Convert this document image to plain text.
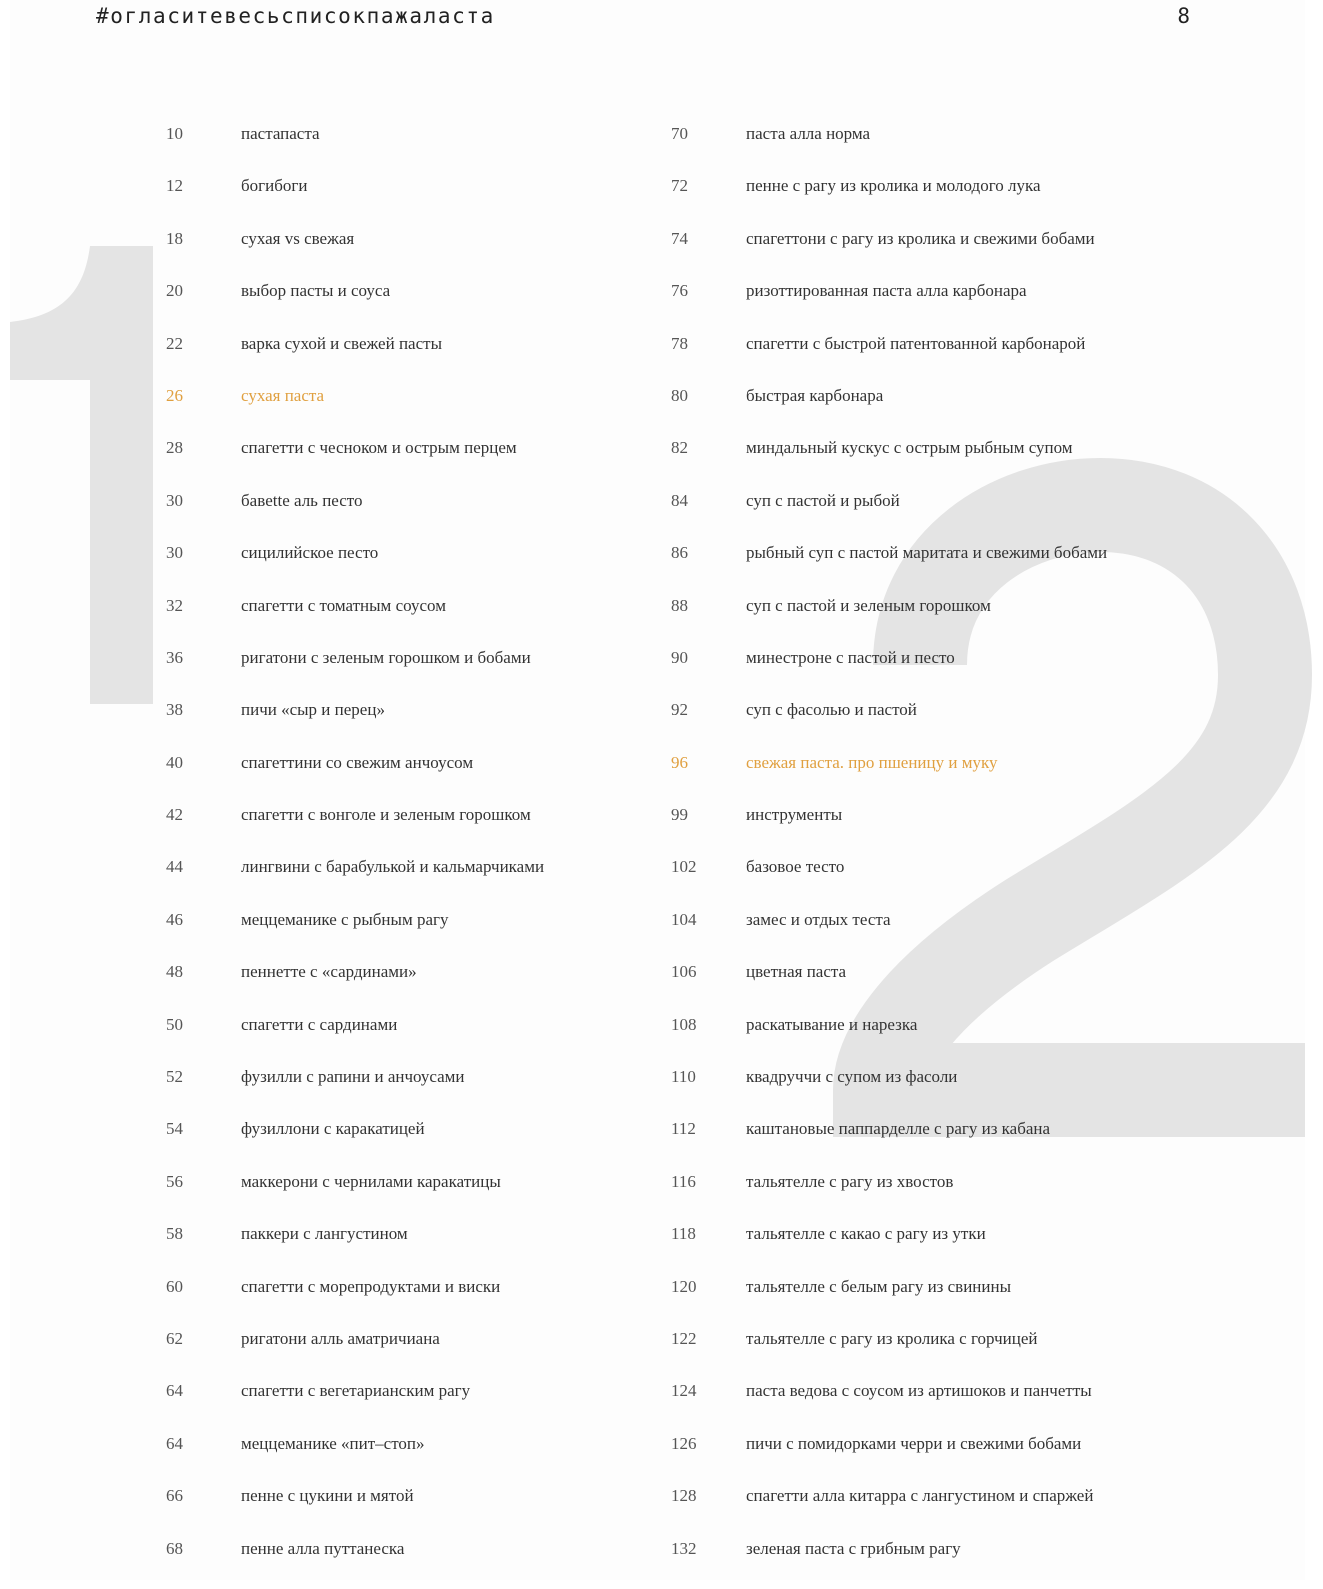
#огласитевесьсписокпажаласта	8
10	пастапаста
12	богибоги
18	сухая vs свежая
20	выбор пасты и соуса
22	варка сухой и свежей пасты
26	сухая паста
28	спагетти с чесноком и острым перцем
30	бавette аль песто
30	сицилийское песто
32	спагетти с томатным соусом
36	ригатони с зеленым горошком и бобами
38	пичи «сыр и перец»
40	спагеттини со свежим анчоусом
42	спагетти с вонголе и зеленым горошком
44	лингвини с барабулькой и кальмарчиками
46	меццеманике с рыбным рагу
48	пеннетте с «сардинами»
50	спагетти с сардинами
52	фузилли с рапини и анчоусами
54	фузиллони с каракатицей
56	маккерони с чернилами каракатицы
58	паккери с лангустином
60	спагетти с морепродуктами и виски
62	ригатони алль аматричиана
64	спагетти с вегетарианским рагу
64	меццеманике «пит–стоп»
66	пенне с цукини и мятой
68	пенне алла путтанеска
70	паста алла норма
72	пенне с рагу из кролика и молодого лука
74	спагеттони с рагу из кролика и свежими бобами
76	ризоттированная паста алла карбонара
78	спагетти с быстрой патентованной карбонарой
80	быстрая карбонара
82	миндальный кускус с острым рыбным супом
84	суп с пастой и рыбой
86	рыбный суп с пастой маритата и свежими бобами
88	суп с пастой и зеленым горошком
90	минестроне с пастой и песто
92	суп с фасолью и пастой
96	свежая паста. про пшеницу и муку
99	инструменты
102	базовое тесто
104	замес и отдых теста
106	цветная паста
108	раскатывание и нарезка
110	квадруччи с супом из фасоли
112	каштановые паппарделле с рагу из кабана
116	тальятелле с рагу из хвостов
118	тальятелле с какао с рагу из утки
120	тальятелле с белым рагу из свинины
122	тальятелле с рагу из кролика с горчицей
124	паста ведова с соусом из артишоков и панчетты
126	пичи с помидорками черри и свежими бобами
128	спагетти алла китарра с лангустином и спаржей
132	зеленая паста с грибным рагу
